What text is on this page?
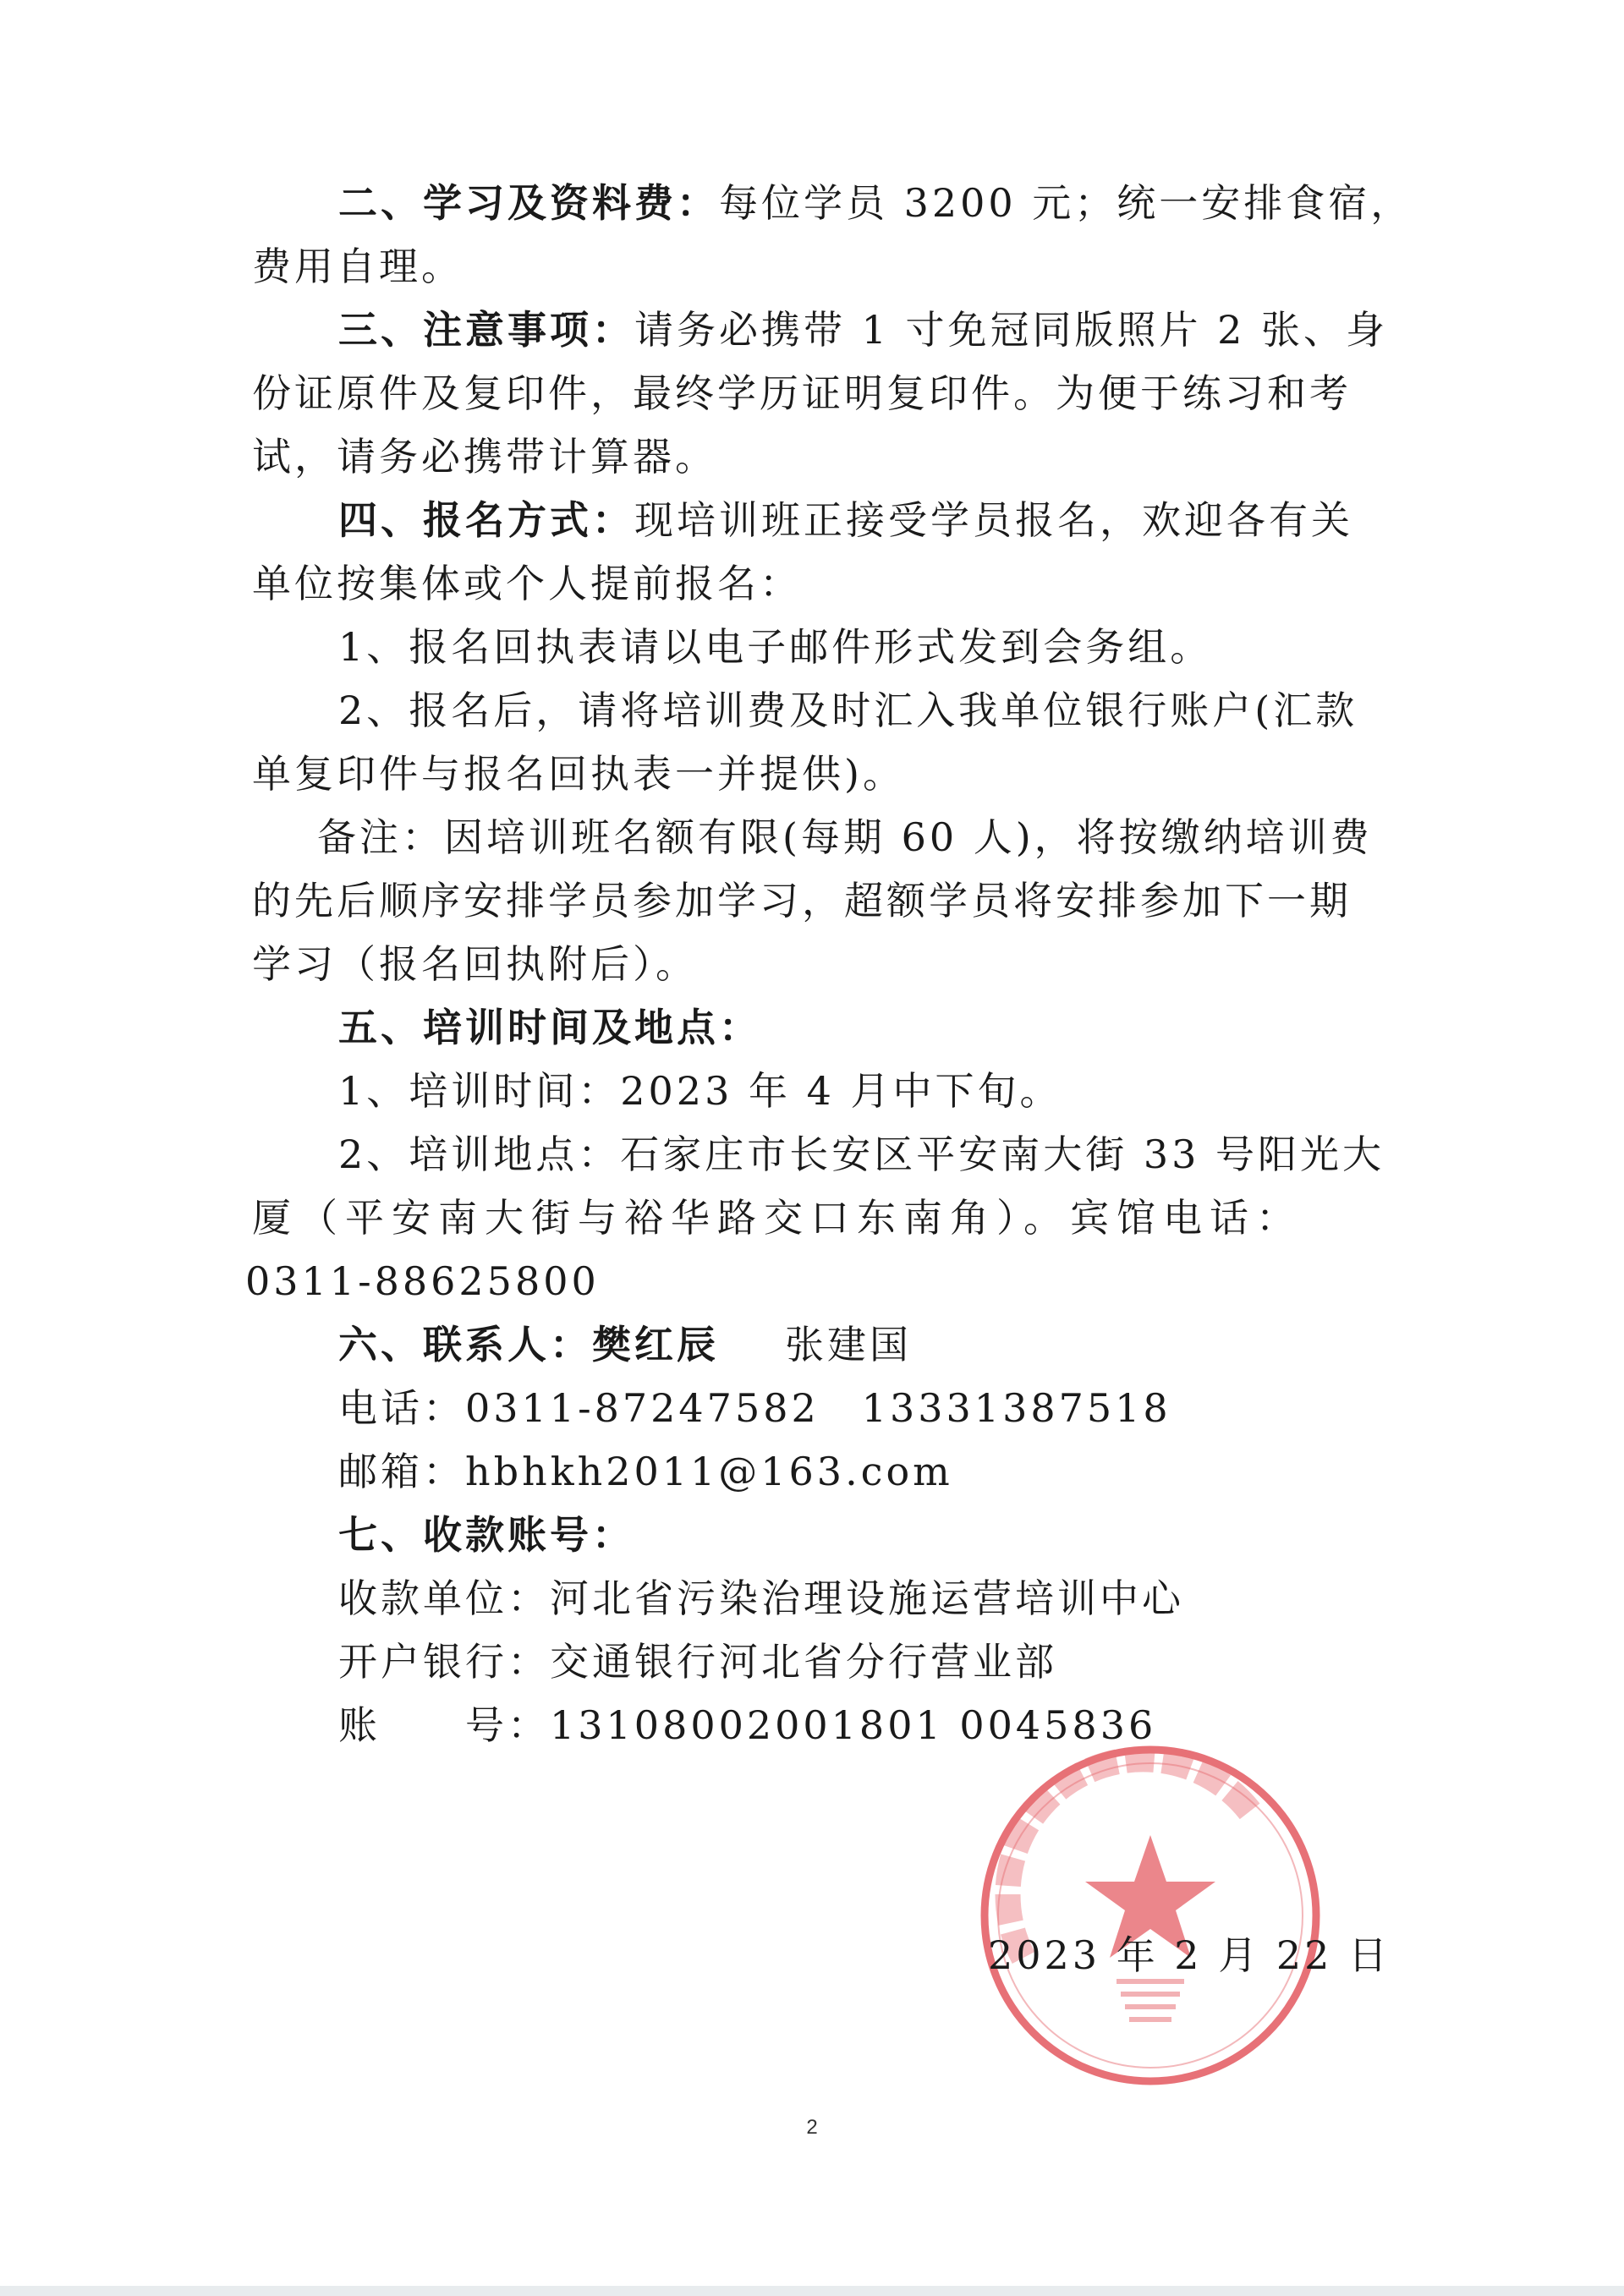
二、学习及资料费：每位学员 3200 元；统一安排食宿，
费用自理。
三、注意事项：请务必携带 1 寸免冠同版照片 2 张、身
份证原件及复印件，最终学历证明复印件。为便于练习和考
试，请务必携带计算器。
四、报名方式：现培训班正接受学员报名，欢迎各有关
单位按集体或个人提前报名：
1、报名回执表请以电子邮件形式发到会务组。
2、报名后，请将培训费及时汇入我单位银行账户(汇款
单复印件与报名回执表一并提供)。
备注：因培训班名额有限(每期 60 人)，将按缴纳培训费
的先后顺序安排学员参加学习，超额学员将安排参加下一期
学习（报名回执附后）。
五、培训时间及地点：
1、培训时间：2023 年 4 月中下旬。
2、培训地点：石家庄市长安区平安南大街 33 号阳光大
厦（平安南大街与裕华路交口东南角）。宾馆电话：
0311-88625800
六、联系人：樊红辰 张建国
电话：0311-87247582　13331387518
邮箱：hbhkh2011@163.com
七、收款账号：
收款单位：河北省污染治理设施运营培训中心
开户银行：交通银行河北省分行营业部
账　　号：13108002001801 0045836
2023 年 2 月 22 日
2
